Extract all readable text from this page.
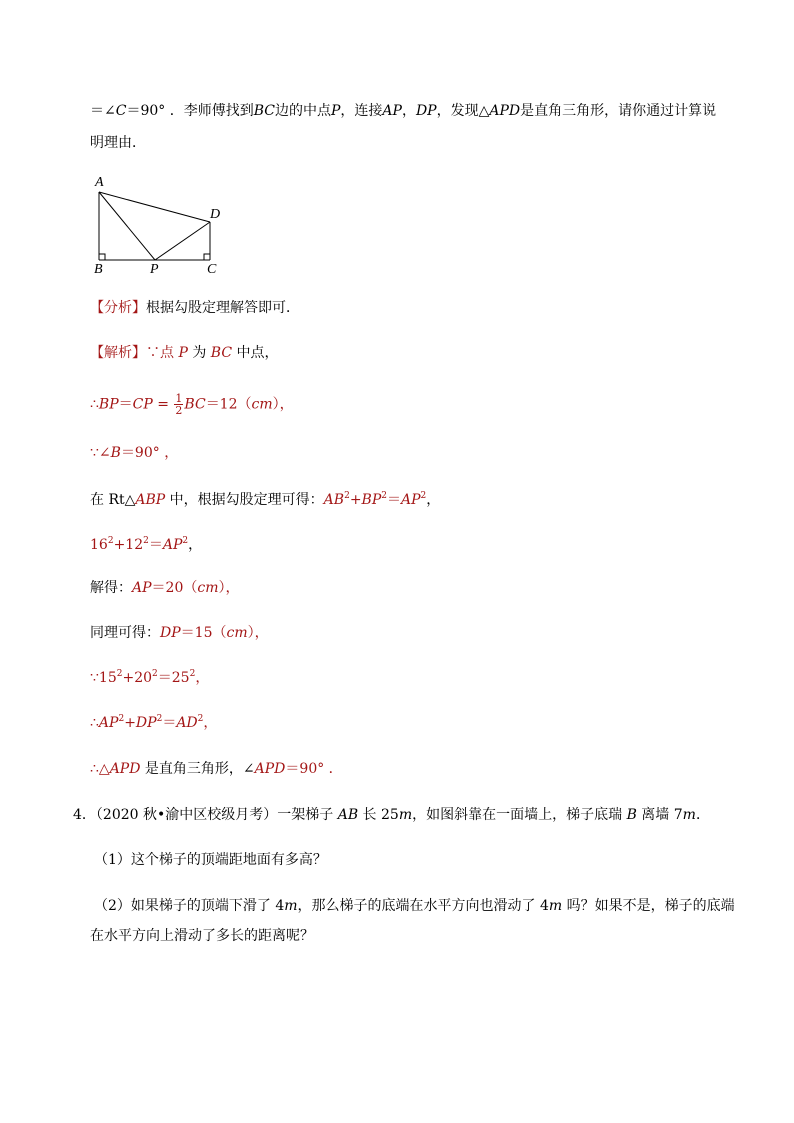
＝∠C＝90° ．李师傅找到BC边的中点P，连接AP，DP，发现△APD是直角三角形，请你通过计算说
明理由．
A
B	P	C
D
【分析】根据勾股定理解答即可．
【解析】∵点 P 为 BC 中点，
∴BP＝CP = $\frac{1}{2} BC=12(cm)$，
∵∠B＝90° ，
在 Rt△ABP 中，根据勾股定理可得：$AB^2+BP^2=AP^2$，
$16^2+12^2=AP^2$，
解得：AP＝20（cm），
同理可得：DP＝15（cm），
$\because 15^2+20^2=25^2$，
$\therefore AP^2+DP^2=AD^2$，
∴△APD 是直角三角形，∠APD＝90° ．
4．（2020 秋•渝中区校级月考）一架梯子 AB 长 25m，如图斜靠在一面墙上，梯子底瑞 B 离墙 7m．
（1）这个梯子的顶端距地面有多高？
（2）如果梯子的顶端下滑了 4m，那么梯子的底端在水平方向也滑动了 4m 吗？如果不是，梯子的底端
在水平方向上滑动了多长的距离呢？
